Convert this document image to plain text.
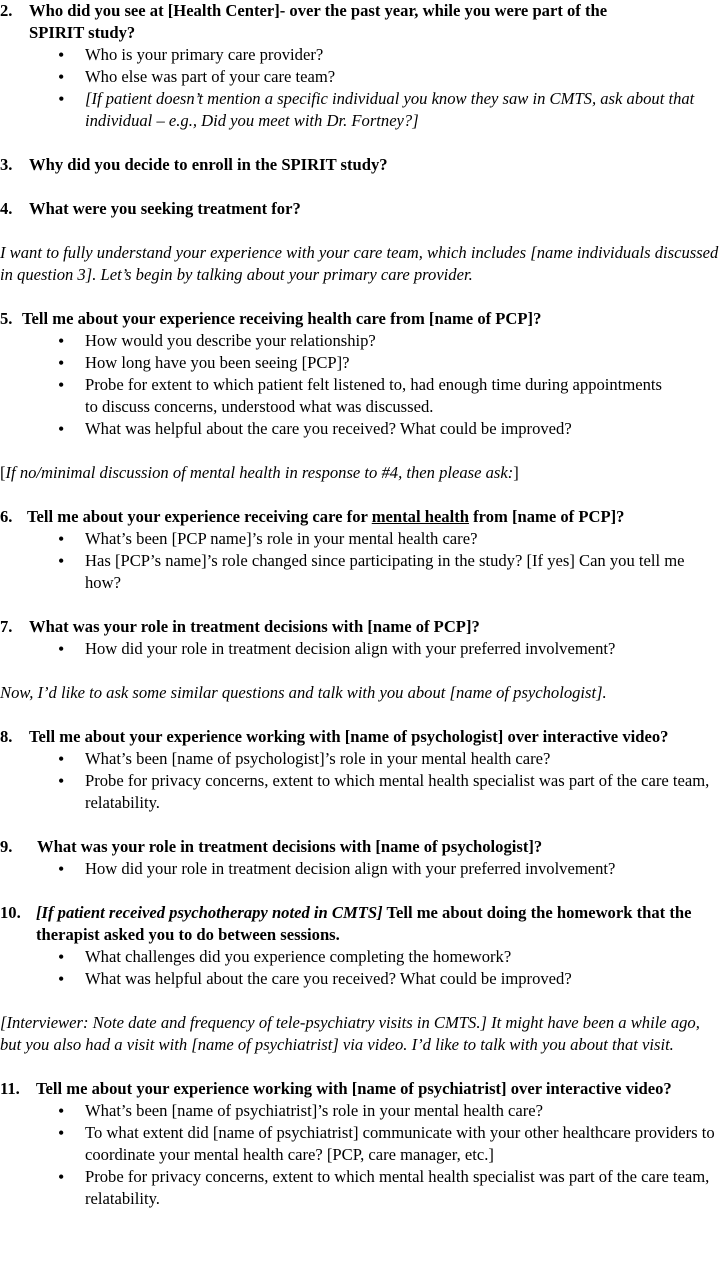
2. Who did you see at [Health Center]- over the past year, while you were part of the
SPIRIT study?

• Who is your primary care provider?
• Who else was part of your care team?
• [If patient doesn’t mention a specific individual you know they saw in CMTS, ask about that individual – e.g., Did you meet with Dr. Fortney?]

3. Why did you decide to enroll in the SPIRIT study?

4. What were you seeking treatment for?

I want to fully understand your experience with your care team, which includes [name individuals discussed in question 3]. Let’s begin by talking about your primary care provider.

5. Tell me about your experience receiving health care from [name of PCP]?

• How would you describe your relationship?
• How long have you been seeing [PCP]?
• Probe for extent to which patient felt listened to, had enough time during appointments to discuss concerns, understood what was discussed.
• What was helpful about the care you received? What could be improved?

[If no/minimal discussion of mental health in response to #4, then please ask:]

6. Tell me about your experience receiving care for mental health from [name of PCP]?

• What’s been [PCP name]’s role in your mental health care?
• Has [PCP’s name]’s role changed since participating in the study? [If yes] Can you tell me how?

7. What was your role in treatment decisions with [name of PCP]?

• How did your role in treatment decision align with your preferred involvement?

Now, I’d like to ask some similar questions and talk with you about [name of psychologist].

8. Tell me about your experience working with [name of psychologist] over interactive video?

• What’s been [name of psychologist]’s role in your mental health care?
• Probe for privacy concerns, extent to which mental health specialist was part of the care team, relatability.

9. What was your role in treatment decisions with [name of psychologist]?

• How did your role in treatment decision align with your preferred involvement?

10. [If patient received psychotherapy noted in CMTS] Tell me about doing the homework that the therapist asked you to do between sessions.

• What challenges did you experience completing the homework?
• What was helpful about the care you received? What could be improved?

[Interviewer: Note date and frequency of tele-psychiatry visits in CMTS.] It might have been a while ago, but you also had a visit with [name of psychiatrist] via video. I’d like to talk with you about that visit.

11. Tell me about your experience working with [name of psychiatrist] over interactive video?

• What’s been [name of psychiatrist]’s role in your mental health care?
• To what extent did [name of psychiatrist] communicate with your other healthcare providers to coordinate your mental health care? [PCP, care manager, etc.]
• Probe for privacy concerns, extent to which mental health specialist was part of the care team, relatability.
